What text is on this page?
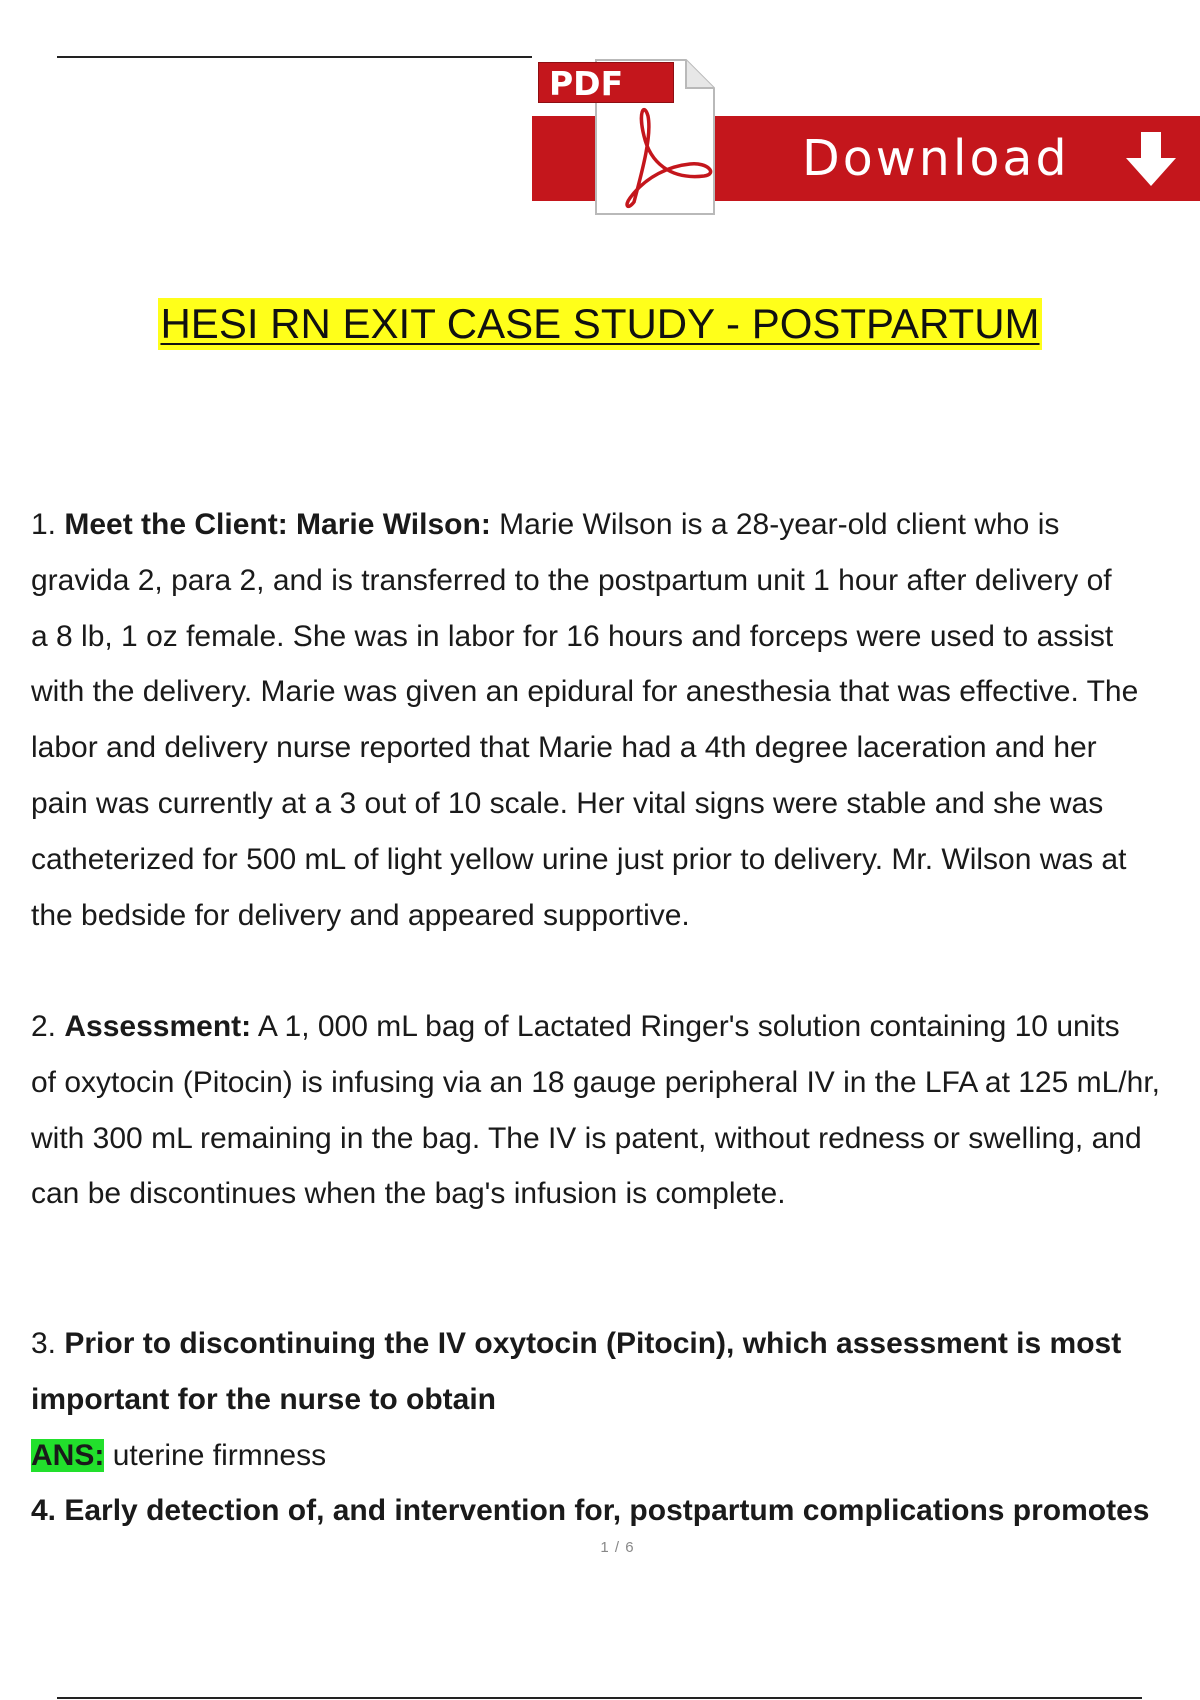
PDF
Download
HESI RN EXIT CASE STUDY - POSTPARTUM
1. Meet the Client: Marie Wilson: Marie Wilson is a 28-year-old client who is
gravida 2, para 2, and is transferred to the postpartum unit 1 hour after delivery of
a 8 lb, 1 oz female. She was in labor for 16 hours and forceps were used to assist
with the delivery. Marie was given an epidural for anesthesia that was effective. The
labor and delivery nurse reported that Marie had a 4th degree laceration and her
pain was currently at a 3 out of 10 scale. Her vital signs were stable and she was
catheterized for 500 mL of light yellow urine just prior to delivery. Mr. Wilson was at
the bedside for delivery and appeared supportive.
2. Assessment: A 1, 000 mL bag of Lactated Ringer's solution containing 10 units
of oxytocin (Pitocin) is infusing via an 18 gauge peripheral IV in the LFA at 125 mL/hr,
with 300 mL remaining in the bag. The IV is patent, without redness or swelling, and
can be discontinues when the bag's infusion is complete.
3. Prior to discontinuing the IV oxytocin (Pitocin), which assessment is most
important for the nurse to obtain
ANS: uterine firmness
4. Early detection of, and intervention for, postpartum complications promotes
1 / 6
